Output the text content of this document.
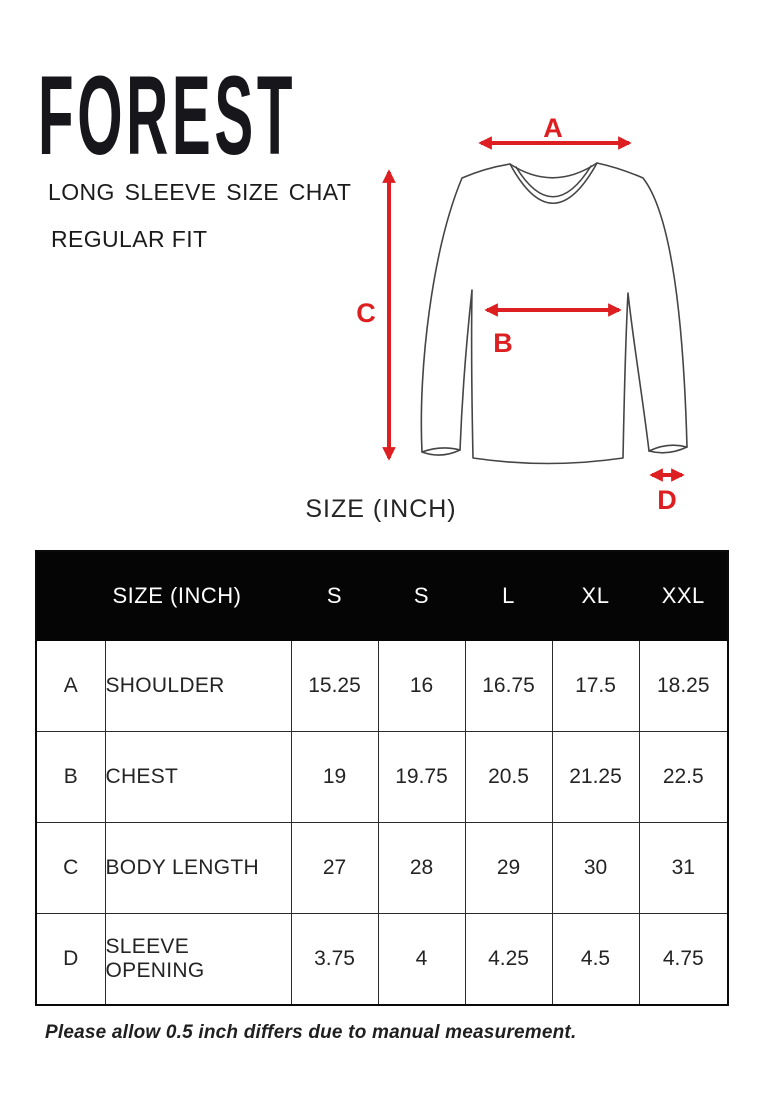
FOREST
LONG SLEEVE SIZE CHAT
REGULAR FIT
A
C
B
D
SIZE (INCH)
	SIZE (INCH)	S	S	L	XL	XXL
A	SHOULDER	15.25	16	16.75	17.5	18.25
B	CHEST	19	19.75	20.5	21.25	22.5
C	BODY LENGTH	27	28	29	30	31
D	SLEEVE OPENING	3.75	4	4.25	4.5	4.75
Please allow 0.5 inch differs due to manual measurement.
